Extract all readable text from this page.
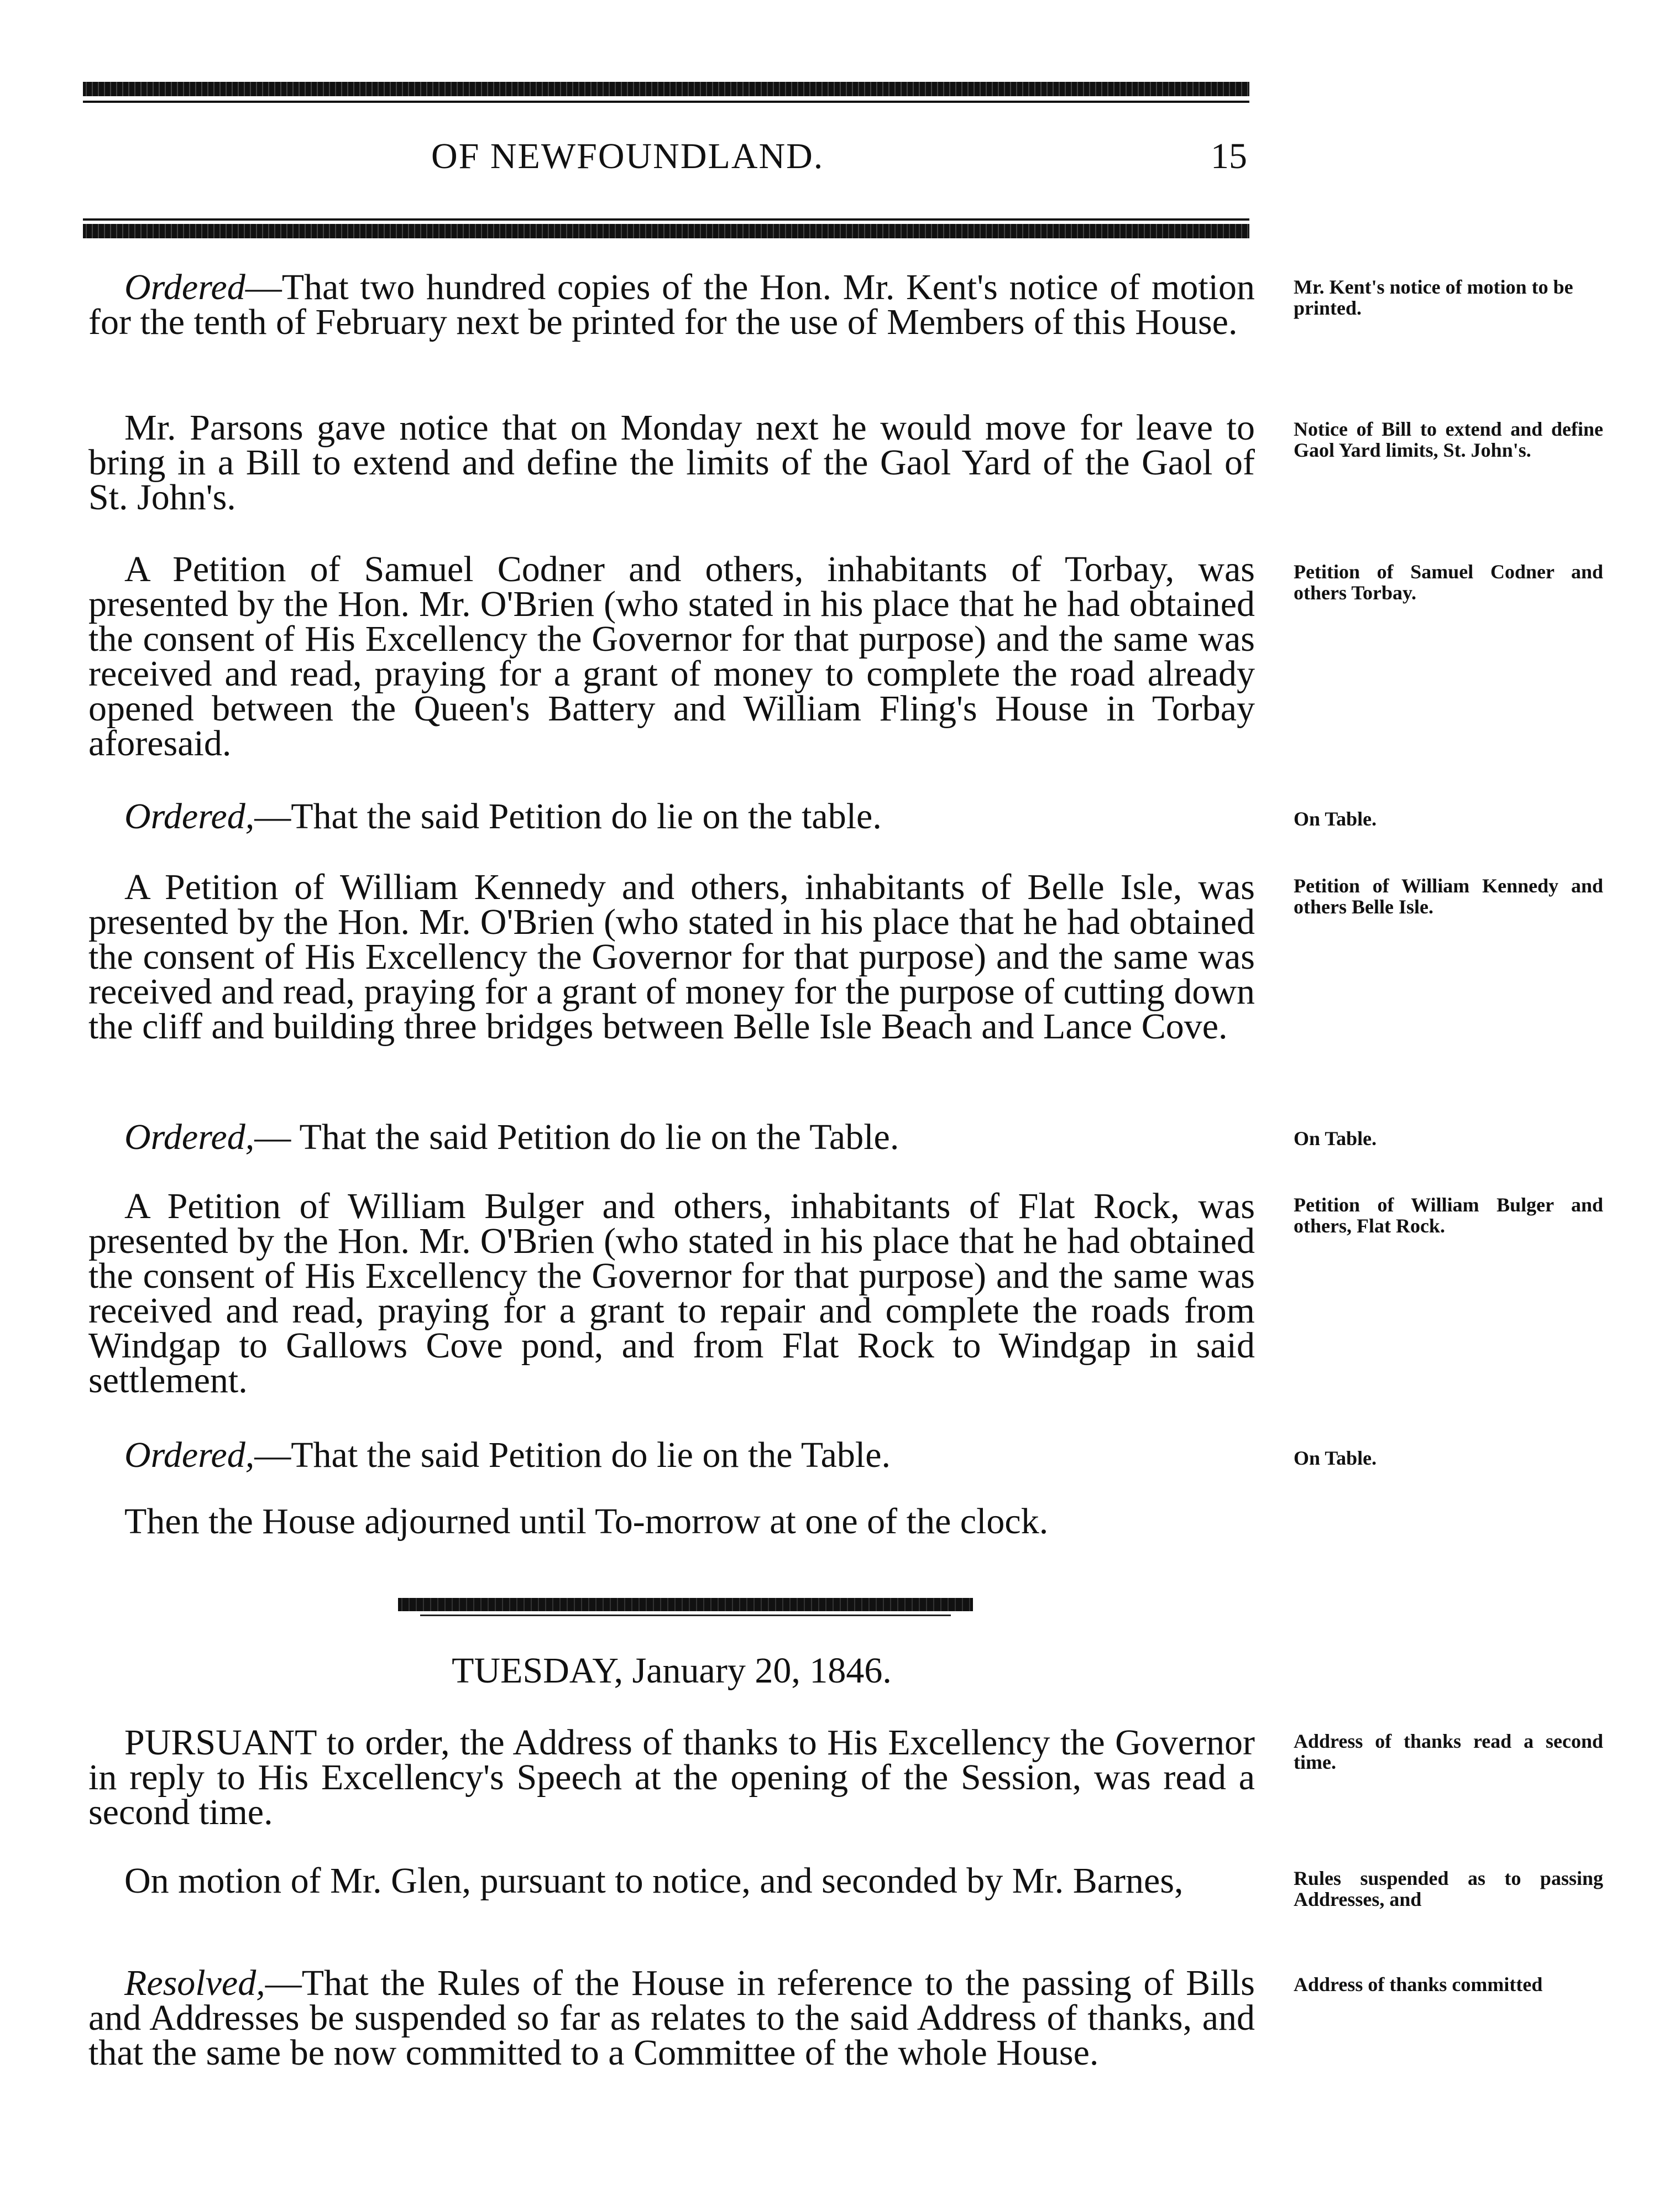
OF NEWFOUNDLAND.	15

Ordered—That two hundred copies of the Hon. Mr. Kent's notice of motion for the tenth of February next be printed for the use of Members of this House.

Mr. Kent's notice of motion to be printed.

Mr. Parsons gave notice that on Monday next he would move for leave to bring in a Bill to extend and define the limits of the Gaol Yard of the Gaol of St. John's.

Notice of Bill to extend and define Gaol Yard limits, St. John's.

A Petition of Samuel Codner and others, inhabitants of Torbay, was presented by the Hon. Mr. O'Brien (who stated in his place that he had obtained the consent of His Excellency the Governor for that purpose) and the same was received and read, praying for a grant of money to complete the road already opened between the Queen's Battery and William Fling's House in Torbay aforesaid.

Petition of Samuel Codner and others Torbay.

Ordered,—That the said Petition do lie on the table.	On Table.

A Petition of William Kennedy and others, inhabitants of Belle Isle, was presented by the Hon. Mr. O'Brien (who stated in his place that he had obtained the consent of His Excellency the Governor for that purpose) and the same was received and read, praying for a grant of money for the purpose of cutting down the cliff and building three bridges between Belle Isle Beach and Lance Cove.

Petition of William Kennedy and others Belle Isle.

Ordered,— That the said Petition do lie on the Table.	On Table.

A Petition of William Bulger and others, inhabitants of Flat Rock, was presented by the Hon. Mr. O'Brien (who stated in his place that he had obtained the consent of His Excellency the Governor for that purpose) and the same was received and read, praying for a grant to repair and complete the roads from Windgap to Gallows Cove pond, and from Flat Rock to Windgap in said settlement.

Petition of William Bulger and others, Flat Rock.

Ordered,—That the said Petition do lie on the Table.	On Table.

Then the House adjourned until To-morrow at one of the clock.

TUESDAY, January 20, 1846.

PURSUANT to order, the Address of thanks to His Excellency the Governor in reply to His Excellency's Speech at the opening of the Session, was read a second time.

Address of thanks read a second time.

On motion of Mr. Glen, pursuant to notice, and seconded by Mr. Barnes,	Rules suspended as to passing Addresses, and

Resolved,—That the Rules of the House in reference to the passing of Bills and Addresses be suspended so far as relates to the said Address of thanks, and that the same be now committed to a Committee of the whole House.

Address of thanks committed
